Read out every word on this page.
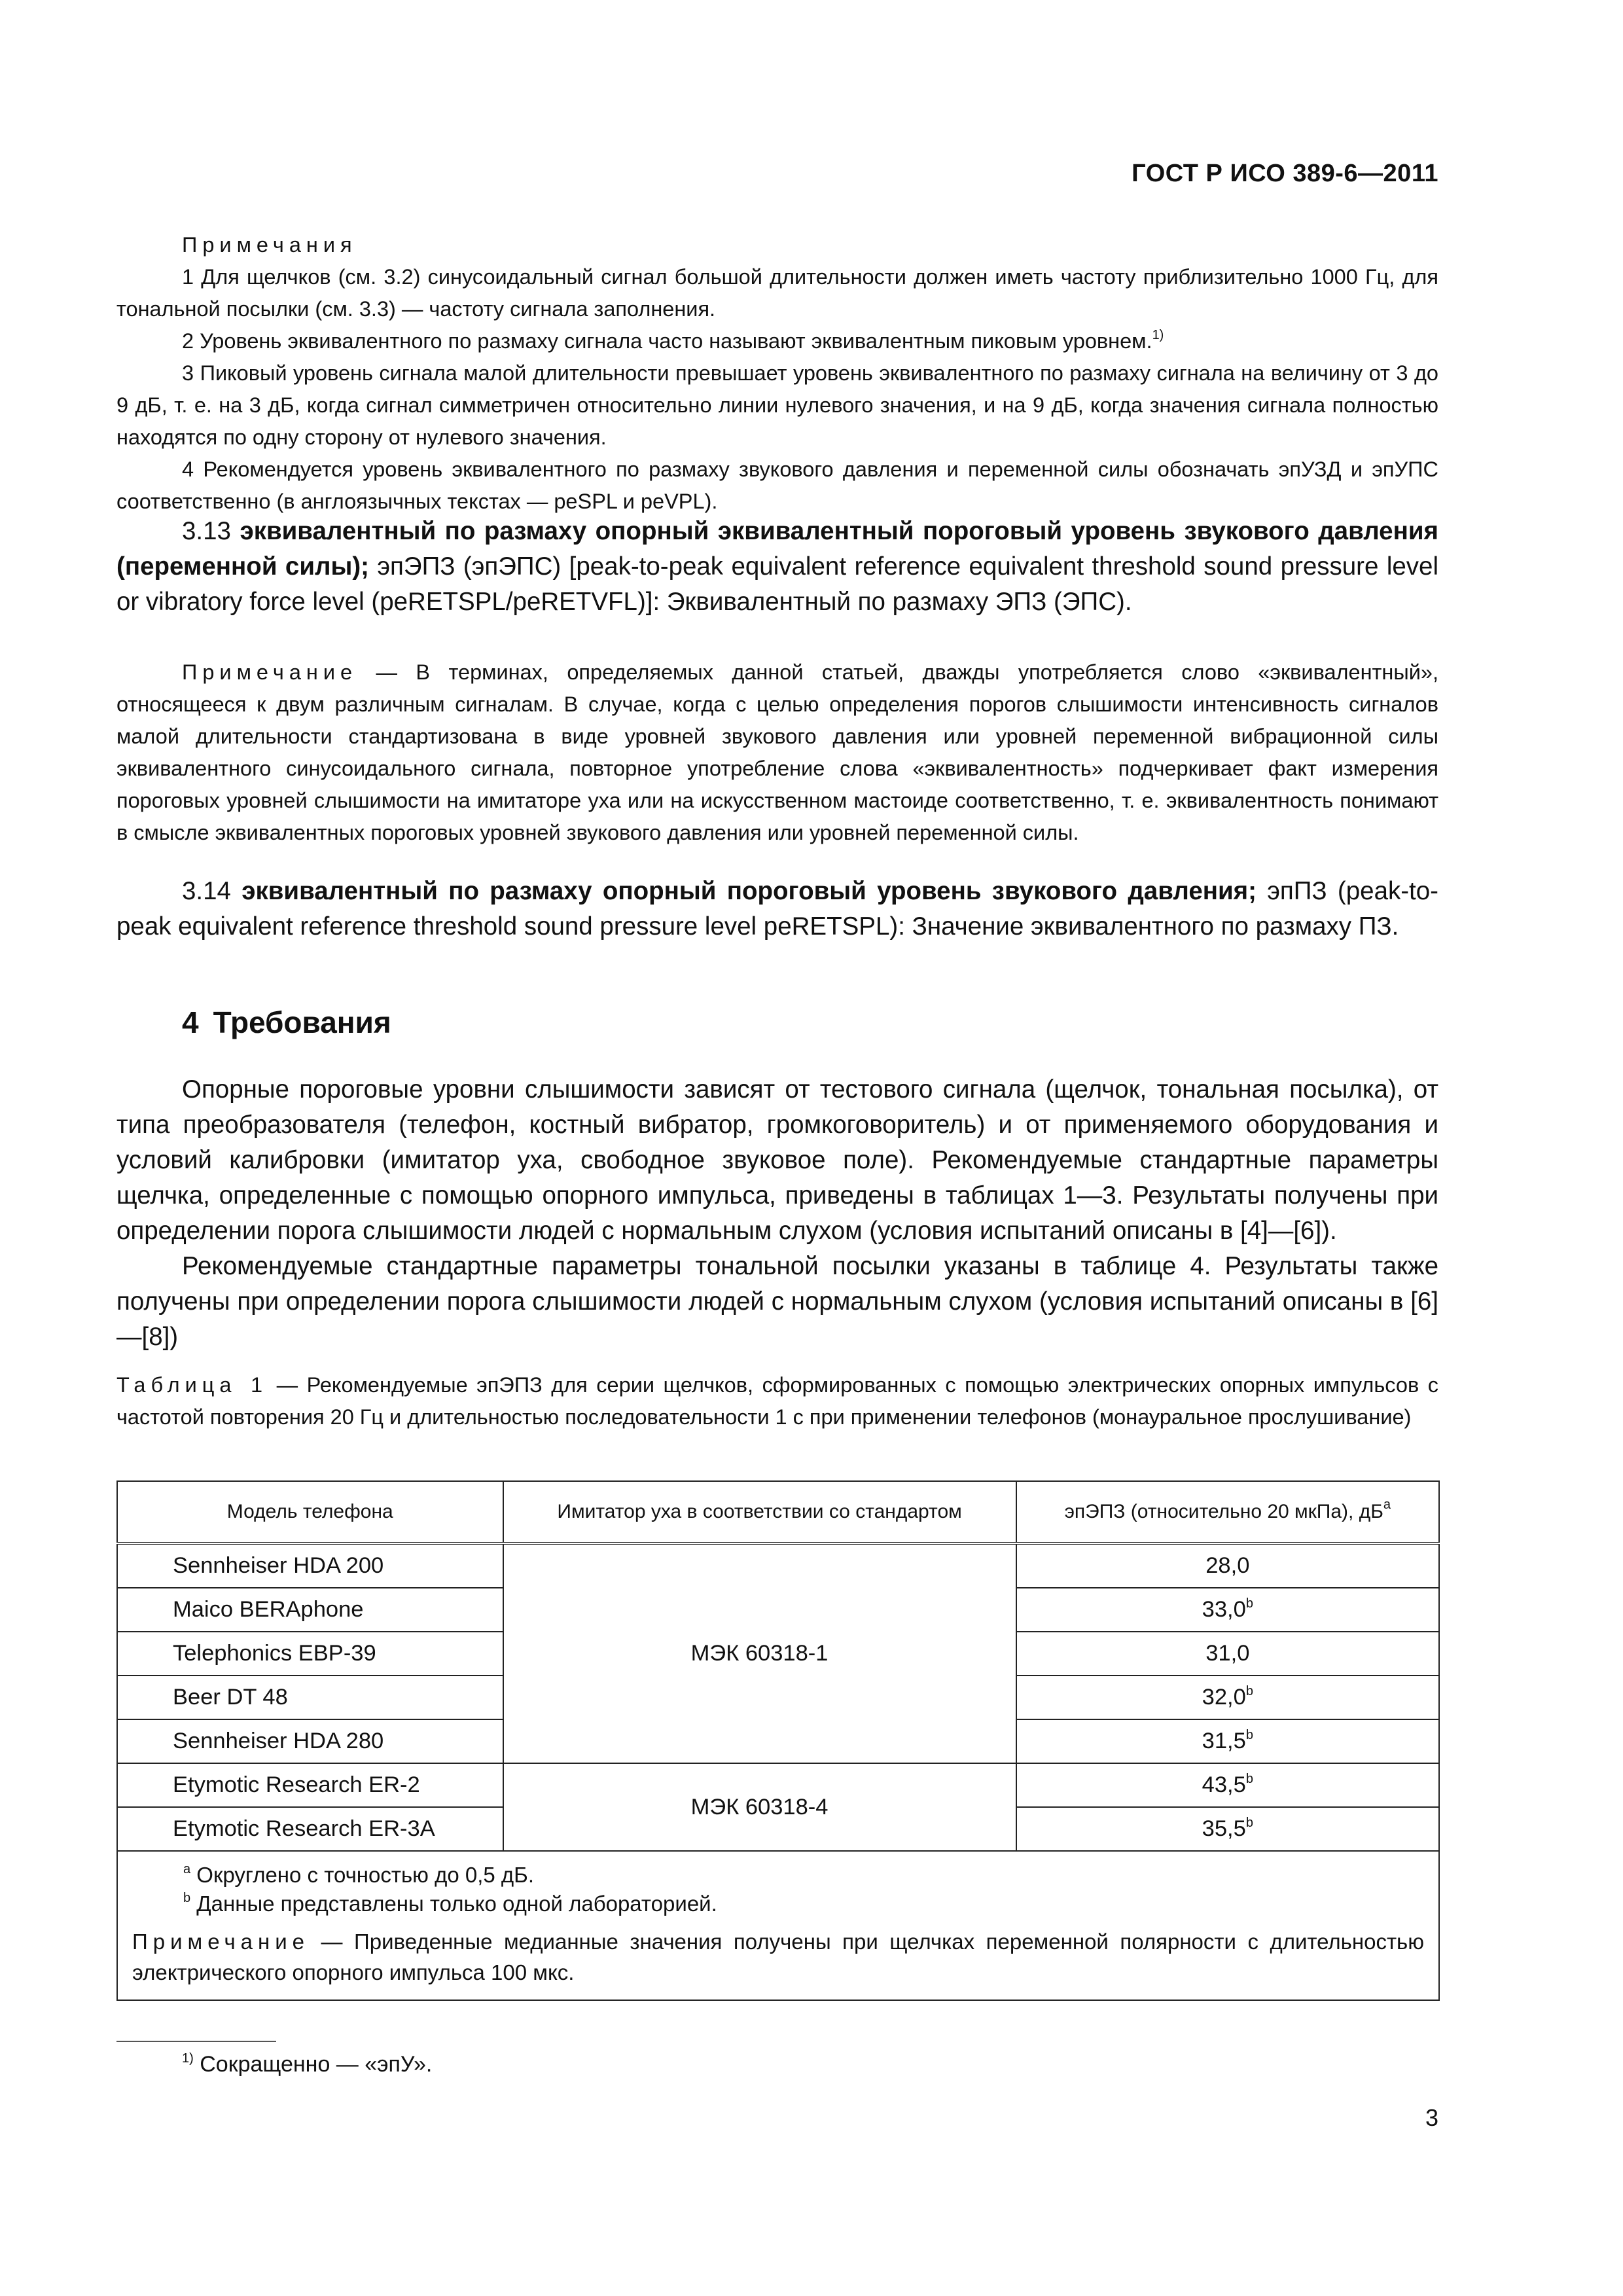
ГОСТ Р ИСО 389-6—2011

Примечания

1 Для щелчков (см. 3.2) синусоидальный сигнал большой длительности должен иметь частоту приблизительно 1000 Гц, для тональной посылки (см. 3.3) — частоту сигнала заполнения.

2 Уровень эквивалентного по размаху сигнала часто называют эквивалентным пиковым уровнем.$^{1)}$

3 Пиковый уровень сигнала малой длительности превышает уровень эквивалентного по размаху сигнала на величину от 3 до 9 дБ, т. е. на 3 дБ, когда сигнал симметричен относительно линии нулевого значения, и на 9 дБ, когда значения сигнала полностью находятся по одну сторону от нулевого значения.

4 Рекомендуется уровень эквивалентного по размаху звукового давления и переменной силы обозначать эпУЗД и эпУПС соответственно (в англоязычных текстах — peSPL и peVPL).

3.13 эквивалентный по размаху опорный эквивалентный пороговый уровень звукового давления (переменной силы); эпЭПЗ (эпЭПС) [peak-to-peak equivalent reference equivalent threshold sound pressure level or vibratory force level (peRETSPL/peRETVFL)]: Эквивалентный по размаху ЭПЗ (ЭПС).

Примечание — В терминах, определяемых данной статьей, дважды употребляется слово «эквивалентный», относящееся к двум различным сигналам. В случае, когда с целью определения порогов слышимости интенсивность сигналов малой длительности стандартизована в виде уровней звукового давления или уровней переменной вибрационной силы эквивалентного синусоидального сигнала, повторное употребление слова «эквивалентность» подчеркивает факт измерения пороговых уровней слышимости на имитаторе уха или на искусственном мастоиде соответственно, т. е. эквивалентность понимают в смысле эквивалентных пороговых уровней звукового давления или уровней переменной силы.

3.14 эквивалентный по размаху опорный пороговый уровень звукового давления; эпПЗ (peak-to-peak equivalent reference threshold sound pressure level peRETSPL): Значение эквивалентного по размаху ПЗ.

4 Требования

Опорные пороговые уровни слышимости зависят от тестового сигнала (щелчок, тональная посылка), от типа преобразователя (телефон, костный вибратор, громкоговоритель) и от применяемого оборудования и условий калибровки (имитатор уха, свободное звуковое поле). Рекомендуемые стандартные параметры щелчка, определенные с помощью опорного импульса, приведены в таблицах 1—3. Результаты получены при определении порога слышимости людей с нормальным слухом (условия испытаний описаны в [4]—[6]).

Рекомендуемые стандартные параметры тональной посылки указаны в таблице 4. Результаты также получены при определении порога слышимости людей с нормальным слухом (условия испытаний описаны в [6]—[8])

Таблица 1 — Рекомендуемые эпЭПЗ для серии щелчков, сформированных с помощью электрических опорных импульсов с частотой повторения 20 Гц и длительностью последовательности 1 с при применении телефонов (монауральное прослушивание)

Модель телефона	Имитатор уха в соответствии со стандартом	эпЭПЗ (относительно 20 мкПа), $дБ^a$
Sennheiser HDA 200	МЭК 60318-1	28,0
Maico BERAphone		33,0$^b$
Telephonics EBP-39		31,0
Beer DT 48		32,0$^b$
Sennheiser HDA 280		31,5$^b$
Etymotic Research ER-2	МЭК 60318-4	43,5$^b$
Etymotic Research ER-3A		35,5$^b$

$^a$ Округлено с точностью до 0,5 дБ.

$^b$ Данные представлены только одной лабораторией.

Примечание — Приведенные медианные значения получены при щелчках переменной полярности с длительностью электрического опорного импульса 100 мкс.		

$^{1)}$ Сокращенно — «эпУ».
3
